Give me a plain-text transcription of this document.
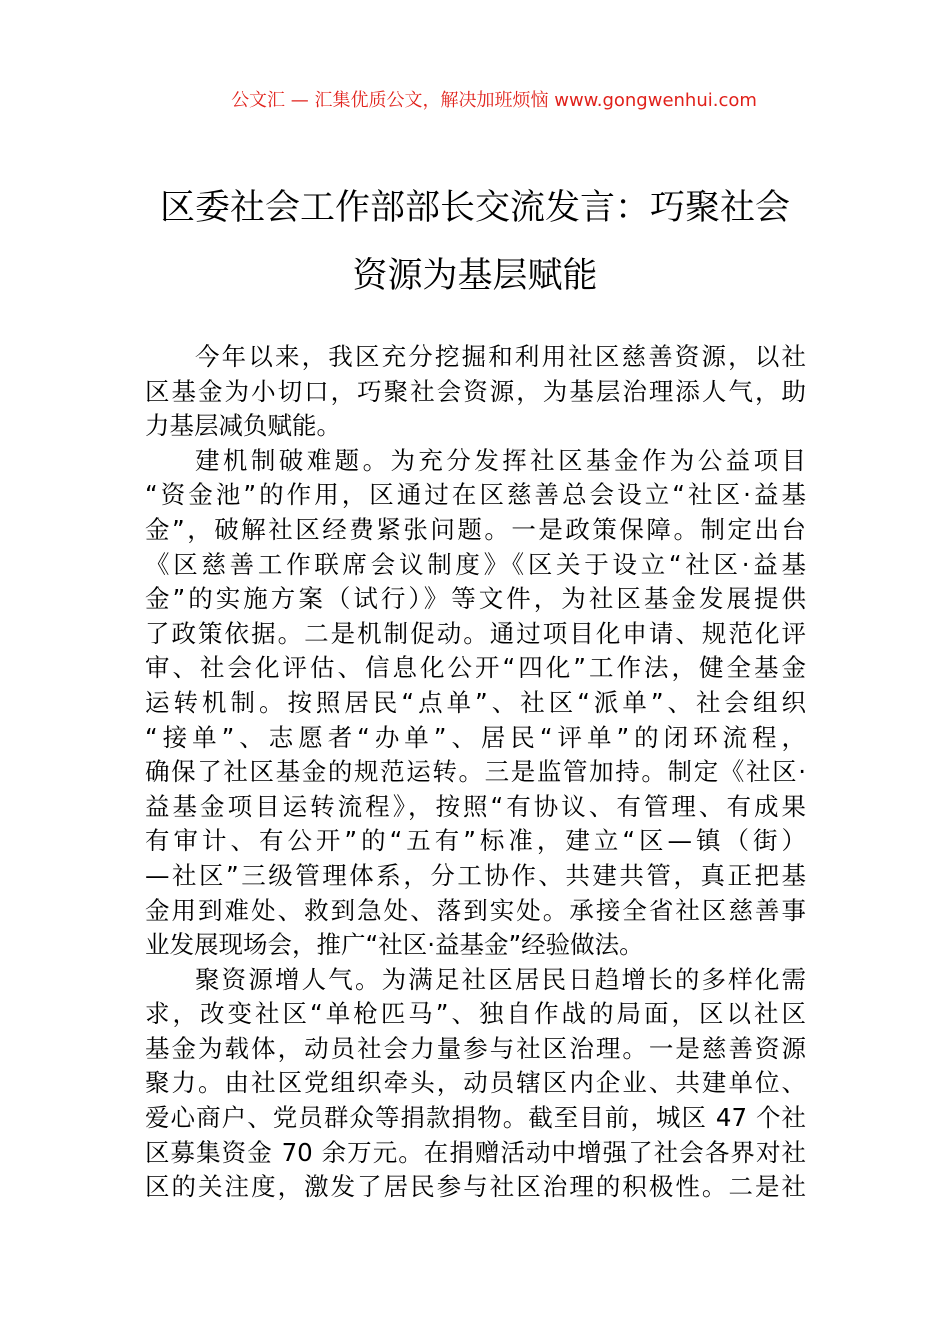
公文汇 — 汇集优质公文，解决加班烦恼 www.gongwenhui.com
区委社会工作部部长交流发言：巧聚社会
资源为基层赋能
今年以来，我区充分挖掘和利用社区慈善资源，以社
区基金为小切口，巧聚社会资源，为基层治理添人气，助
力基层减负赋能。
建机制破难题。为充分发挥社区基金作为公益项目
“资金池”的作用，区通过在区慈善总会设立“社区·益基
金”，破解社区经费紧张问题。一是政策保障。制定出台
《区慈善工作联席会议制度》《区关于设立“社区·益基
金”的实施方案（试行）》等文件，为社区基金发展提供
了政策依据。二是机制促动。通过项目化申请、规范化评
审、社会化评估、信息化公开“四化”工作法，健全基金
运转机制。按照居民“点单”、社区“派单”、社会组织
“接单”、志愿者“办单”、居民“评单”的闭环流程，
确保了社区基金的规范运转。三是监管加持。制定《社区·
益基金项目运转流程》，按照“有协议、有管理、有成果
有审计、有公开”的“五有”标准，建立“区—镇（街）
—社区”三级管理体系，分工协作、共建共管，真正把基
金用到难处、救到急处、落到实处。承接全省社区慈善事
业发展现场会，推广“社区·益基金”经验做法。
聚资源增人气。为满足社区居民日趋增长的多样化需
求，改变社区“单枪匹马”、独自作战的局面，区以社区
基金为载体，动员社会力量参与社区治理。一是慈善资源
聚力。由社区党组织牵头，动员辖区内企业、共建单位、
爱心商户、党员群众等捐款捐物。截至目前，城区 47 个社
区募集资金 70 余万元。在捐赠活动中增强了社会各界对社
区的关注度，激发了居民参与社区治理的积极性。二是社
